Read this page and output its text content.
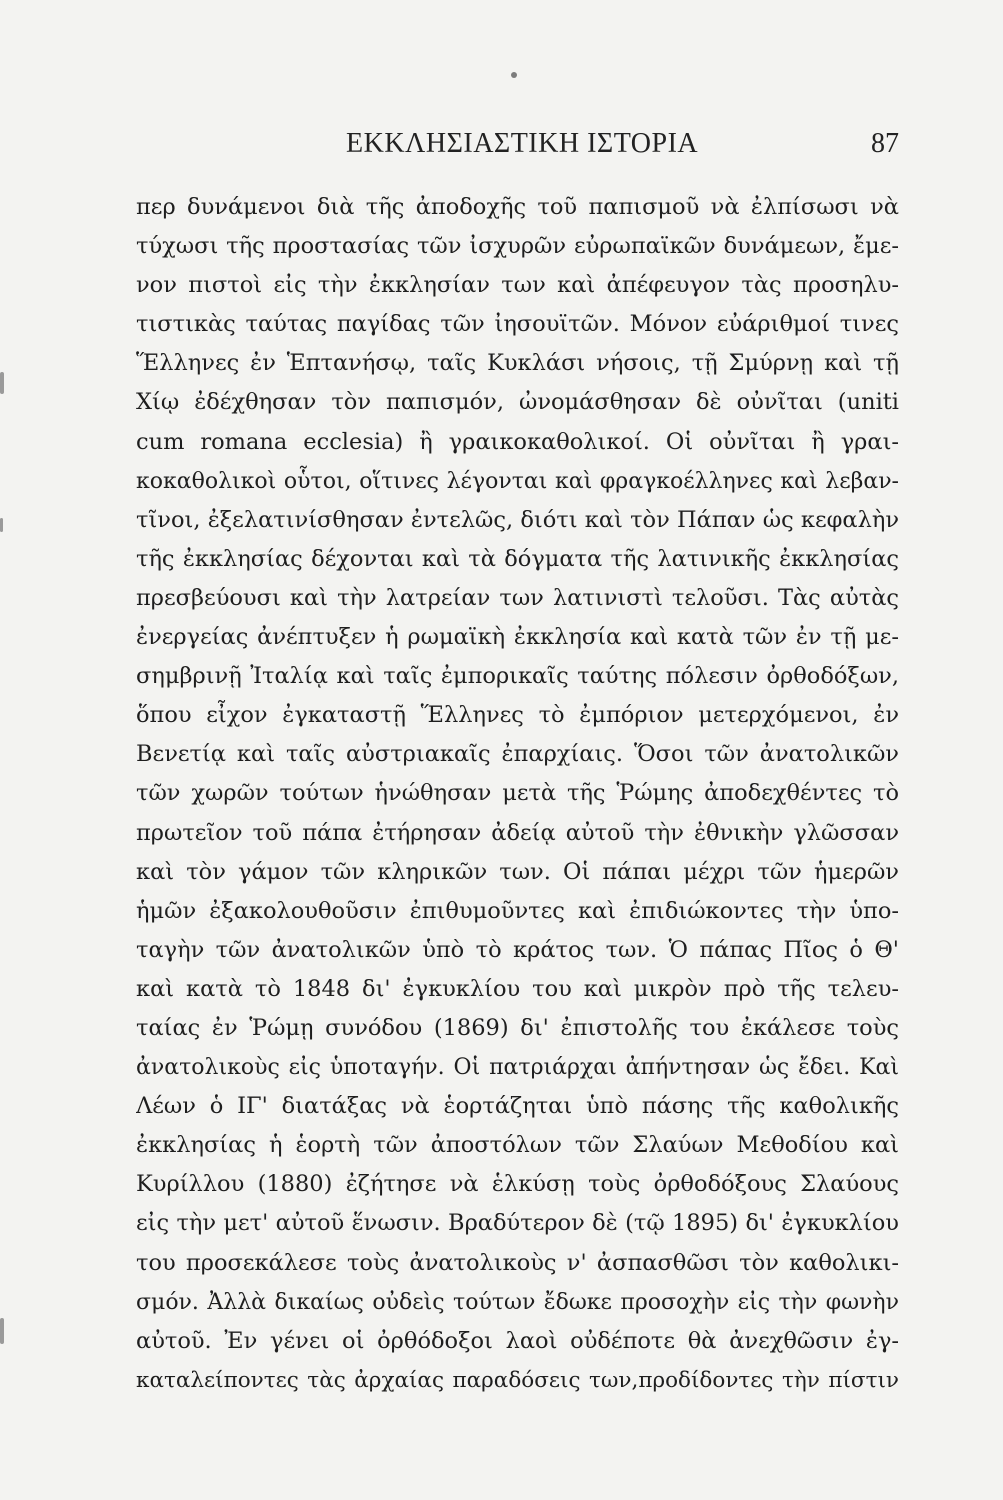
ΕΚΚΛΗΣΙΑΣΤΙΚΗ ΙΣΤΟΡΙΑ	87
περ δυνάμενοι διὰ τῆς ἀποδοχῆς τοῦ παπισμοῦ νὰ ἐλπίσωσι νὰ
τύχωσι τῆς προστασίας τῶν ἰσχυρῶν εὐρωπαϊκῶν δυνάμεων, ἔμε-
νον πιστοὶ εἰς τὴν ἐκκλησίαν των καὶ ἀπέφευγον τὰς προσηλυ-
τιστικὰς ταύτας παγίδας τῶν ἰησουϊτῶν. Μόνον εὐάριθμοί τινες
Ἕλληνες ἐν Ἑπτανήσῳ, ταῖς Κυκλάσι νήσοις, τῇ Σμύρνῃ καὶ τῇ
Χίῳ ἐδέχθησαν τὸν παπισμόν, ὠνομάσθησαν δὲ οὐνῖται (uniti
cum romana ecclesia) ἢ γραικοκαθολικοί. Οἱ οὐνῖται ἢ γραι-
κοκαθολικοὶ οὗτοι, οἵτινες λέγονται καὶ φραγκοέλληνες καὶ λεβαν-
τῖνοι, ἐξελατινίσθησαν ἐντελῶς, διότι καὶ τὸν Πάπαν ὡς κεφαλὴν
τῆς ἐκκλησίας δέχονται καὶ τὰ δόγματα τῆς λατινικῆς ἐκκλησίας
πρεσβεύουσι καὶ τὴν λατρείαν των λατινιστὶ τελοῦσι. Τὰς αὐτὰς
ἐνεργείας ἀνέπτυξεν ἡ ρωμαϊκὴ ἐκκλησία καὶ κατὰ τῶν ἐν τῇ με-
σημβρινῇ Ἰταλίᾳ καὶ ταῖς ἐμπορικαῖς ταύτης πόλεσιν ὀρθοδόξων,
ὅπου εἶχον ἐγκαταστῇ Ἕλληνες τὸ ἐμπόριον μετερχόμενοι, ἐν
Βενετίᾳ καὶ ταῖς αὐστριακαῖς ἐπαρχίαις. Ὅσοι τῶν ἀνατολικῶν
τῶν χωρῶν τούτων ἡνώθησαν μετὰ τῆς Ῥώμης ἀποδεχθέντες τὸ
πρωτεῖον τοῦ πάπα ἐτήρησαν ἀδείᾳ αὐτοῦ τὴν ἐθνικὴν γλῶσσαν
καὶ τὸν γάμον τῶν κληρικῶν των. Οἱ πάπαι μέχρι τῶν ἡμερῶν
ἡμῶν ἐξακολουθοῦσιν ἐπιθυμοῦντες καὶ ἐπιδιώκοντες τὴν ὑπο-
ταγὴν τῶν ἀνατολικῶν ὑπὸ τὸ κράτος των. Ὁ πάπας Πῖος ὁ Θ'
καὶ κατὰ τὸ 1848 δι' ἐγκυκλίου του καὶ μικρὸν πρὸ τῆς τελευ-
ταίας ἐν Ῥώμῃ συνόδου (1869) δι' ἐπιστολῆς του ἐκάλεσε τοὺς
ἀνατολικοὺς εἰς ὑποταγήν. Οἱ πατριάρχαι ἀπήντησαν ὡς ἔδει. Καὶ
Λέων ὁ ΙΓ' διατάξας νὰ ἑορτάζηται ὑπὸ πάσης τῆς καθολικῆς
ἐκκλησίας ἡ ἑορτὴ τῶν ἀποστόλων τῶν Σλαύων Μεθοδίου καὶ
Κυρίλλου (1880) ἐζήτησε νὰ ἑλκύσῃ τοὺς ὀρθοδόξους Σλαύους
εἰς τὴν μετ' αὐτοῦ ἕνωσιν. Βραδύτερον δὲ (τῷ 1895) δι' ἐγκυκλίου
του προσεκάλεσε τοὺς ἀνατολικοὺς ν' ἀσπασθῶσι τὸν καθολικι-
σμόν. Ἀλλὰ δικαίως οὐδεὶς τούτων ἔδωκε προσοχὴν εἰς τὴν φωνὴν
αὐτοῦ. Ἐν γένει οἱ ὀρθόδοξοι λαοὶ οὐδέποτε θὰ ἀνεχθῶσιν ἐγ-
καταλείποντες τὰς ἀρχαίας παραδόσεις των,προδίδοντες τὴν πίστιν
